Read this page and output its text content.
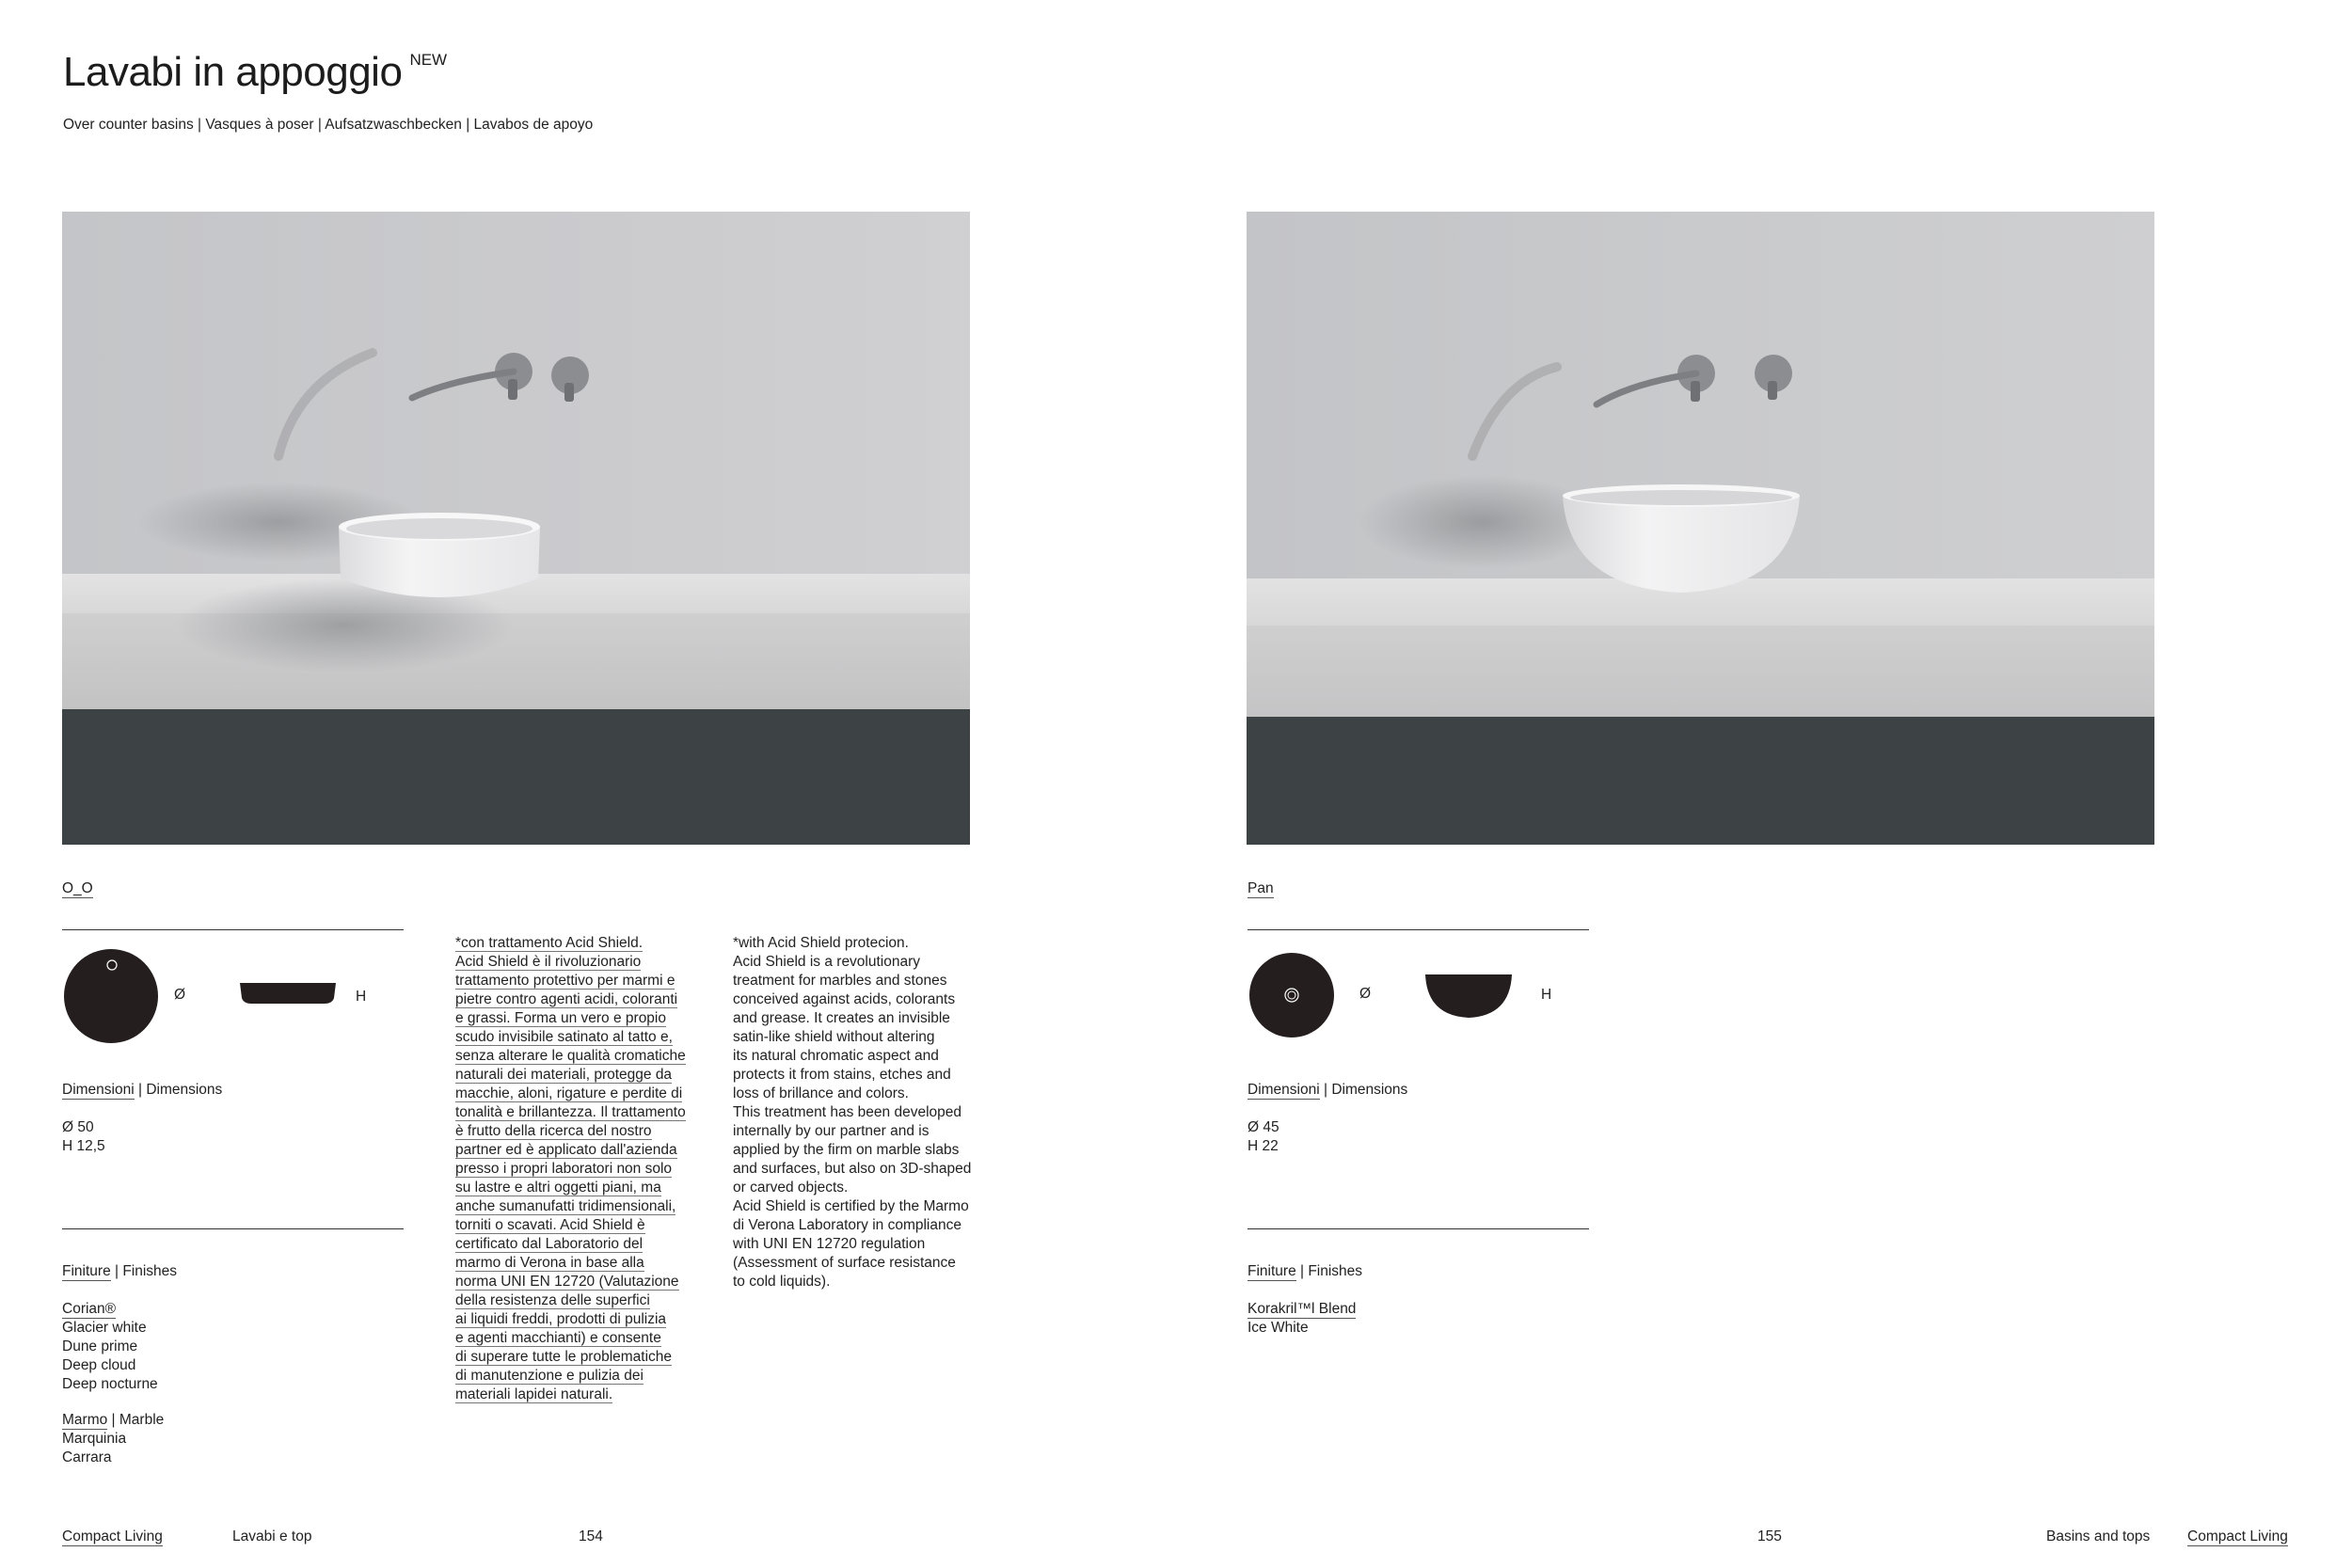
Lavabi in appoggio $^{NEW}$
Over counter basins | Vasques à poser | Aufsatzwaschbecken | Lavabos de apoyo
O_O
Ø	H
Dimensioni | Dimensions
Ø 50
H 12,5
Finiture | Finishes
Corian®
Glacier white
Dune prime
Deep cloud
Deep nocturne
Marmo | Marble
Marquinia
Carrara
*con trattamento Acid Shield.
Acid Shield è il rivoluzionario
trattamento protettivo per marmi e
pietre contro agenti acidi, coloranti
e grassi. Forma un vero e propio
scudo invisibile satinato al tatto e,
senza alterare le qualità cromatiche
naturali dei materiali, protegge da
macchie, aloni, rigature e perdite di
tonalità e brillantezza. Il trattamento
è frutto della ricerca del nostro
partner ed è applicato dall'azienda
presso i propri laboratori non solo
su lastre e altri oggetti piani, ma
anche sumanufatti tridimensionali,
torniti o scavati. Acid Shield è
certificato dal Laboratorio del
marmo di Verona in base alla
norma UNI EN 12720 (Valutazione
della resistenza delle superfici
ai liquidi freddi, prodotti di pulizia
e agenti macchianti) e consente
di superare tutte le problematiche
di manutenzione e pulizia dei
materiali lapidei naturali.
*with Acid Shield protecion.
Acid Shield is a revolutionary
treatment for marbles and stones
conceived against acids, colorants
and grease. It creates an invisible
satin-like shield without altering
its natural chromatic aspect and
protects it from stains, etches and
loss of brillance and colors.
This treatment has been developed
internally by our partner and is
applied by the firm on marble slabs
and surfaces, but also on 3D-shaped
or carved objects.
Acid Shield is certified by the Marmo
di Verona Laboratory in compliance
with UNI EN 12720 regulation
(Assessment of surface resistance
to cold liquids).
Pan
Ø	H
Dimensioni | Dimensions
Ø 45
H 22
Finiture | Finishes
Korakril™l Blend
Ice White
Compact Living	Lavabi e top	154	155	Basins and tops	Compact Living
